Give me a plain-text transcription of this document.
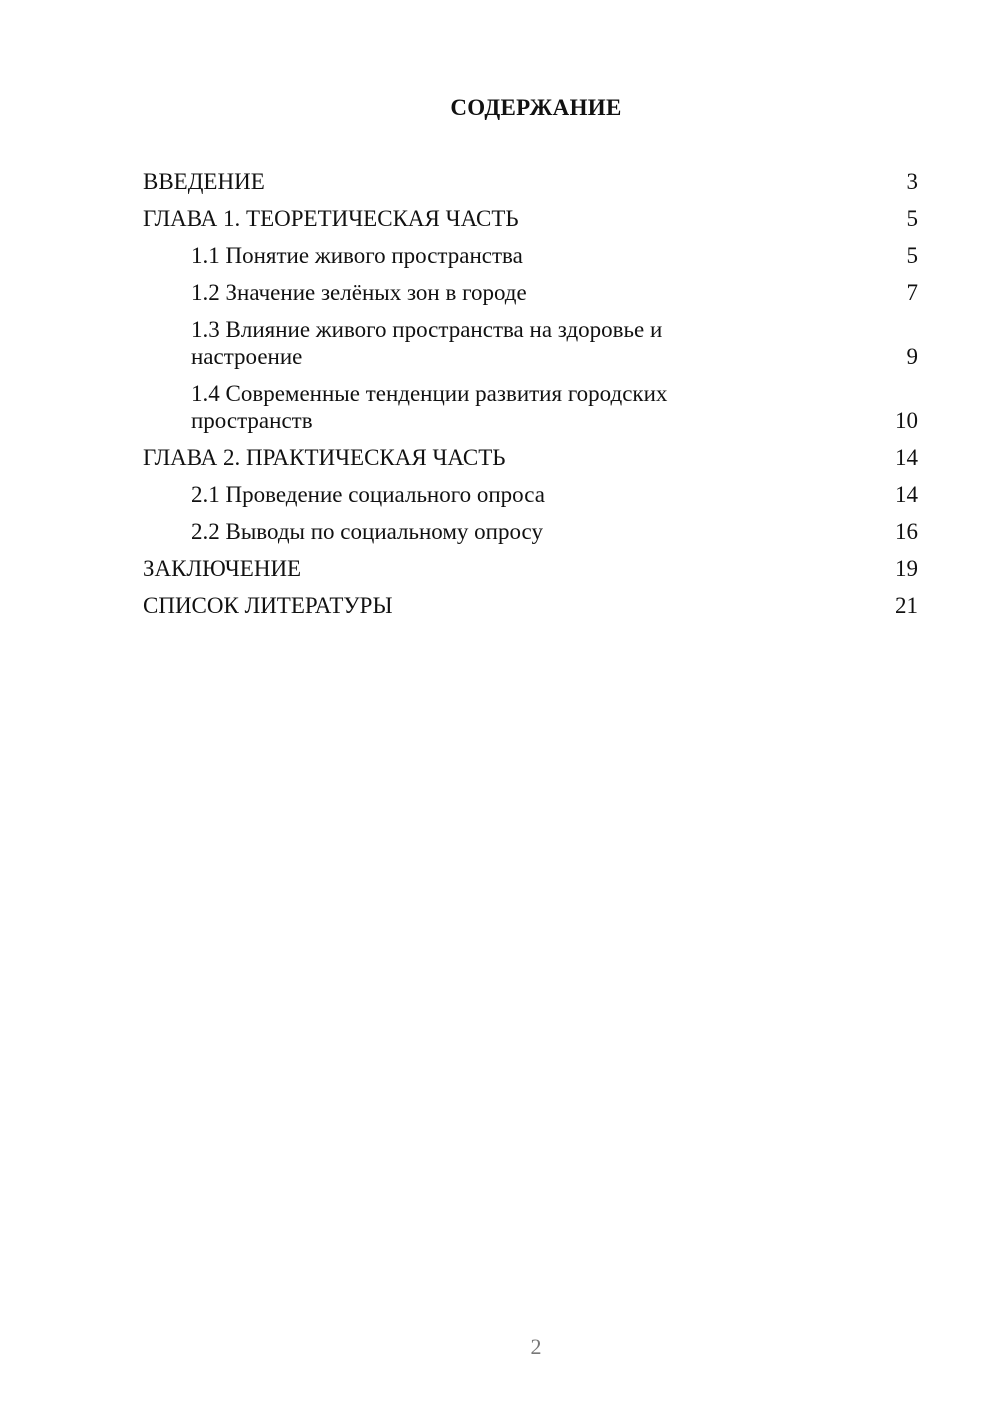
СОДЕРЖАНИЕ
ВВЕДЕНИЕ	3
ГЛАВА 1. ТЕОРЕТИЧЕСКАЯ ЧАСТЬ	5
1.1 Понятие живого пространства	5
1.2 Значение зелёных зон в городе	7
1.3 Влияние живого пространства на здоровье и настроение	9
1.4 Современные тенденции развития городских пространств	10
ГЛАВА 2. ПРАКТИЧЕСКАЯ ЧАСТЬ	14
2.1 Проведение социального опроса	14
2.2 Выводы по социальному опросу	16
ЗАКЛЮЧЕНИЕ	19
СПИСОК ЛИТЕРАТУРЫ	21
2
